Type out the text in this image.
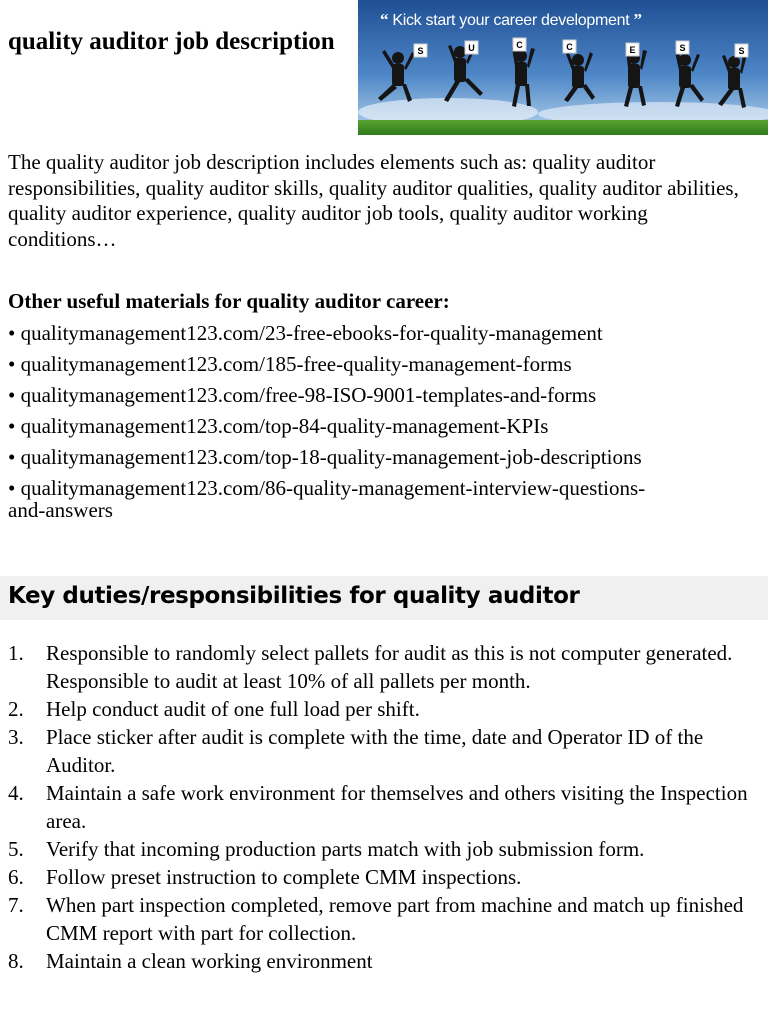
quality auditor job description	S	U	C	C	E	S	S
“ Kick start your career development ”

The quality auditor job description includes elements such as: quality auditor responsibilities, quality auditor skills, quality auditor qualities, quality auditor abilities, quality auditor experience, quality auditor job tools, quality auditor working conditions…

Other useful materials for quality auditor career:

• qualitymanagement123.com/23-free-ebooks-for-quality-management
• qualitymanagement123.com/185-free-quality-management-forms
• qualitymanagement123.com/free-98-ISO-9001-templates-and-forms
• qualitymanagement123.com/top-84-quality-management-KPIs
• qualitymanagement123.com/top-18-quality-management-job-descriptions
• qualitymanagement123.com/86-quality-management-interview-questions-
and-answers
Key duties/responsibilities for quality auditor
1. Responsible to randomly select pallets for audit as this is not computer generated. Responsible to audit at least 10% of all pallets per month.
2. Help conduct audit of one full load per shift.
3. Place sticker after audit is complete with the time, date and Operator ID of the Auditor.
4. Maintain a safe work environment for themselves and others visiting the Inspection area.
5. Verify that incoming production parts match with job submission form.
6. Follow preset instruction to complete CMM inspections.
7. When part inspection completed, remove part from machine and match up finished CMM report with part for collection.
8. Maintain a clean working environment
